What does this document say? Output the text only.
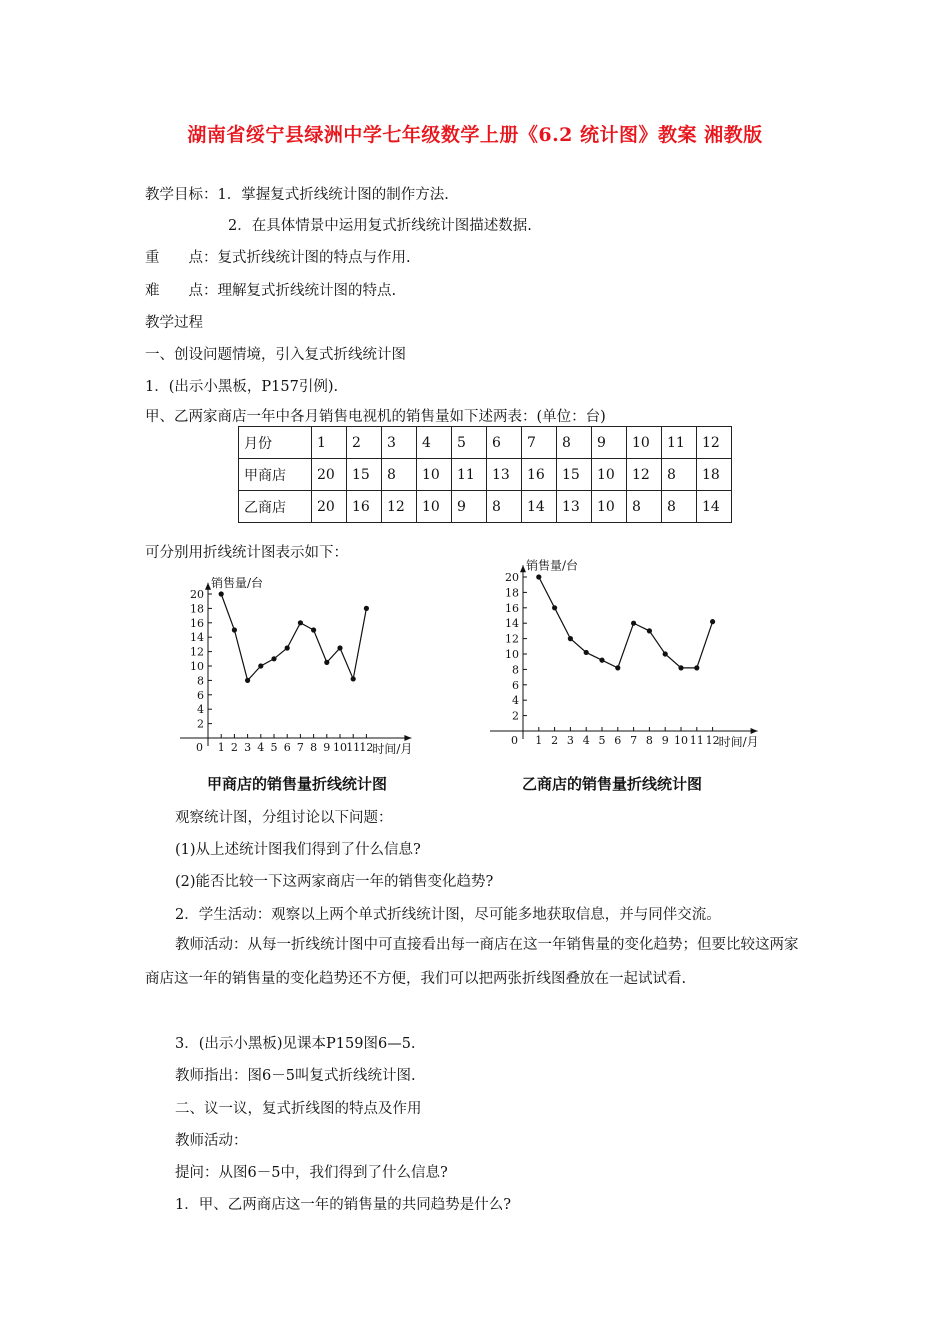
湖南省绥宁县绿洲中学七年级数学上册《6.2 统计图》教案 湘教版
教学目标：1．掌握复式折线统计图的制作方法.
2．在具体情景中运用复式折线统计图描述数据.
重　　点：复式折线统计图的特点与作用.
难　　点：理解复式折线统计图的特点.
教学过程
一、创设问题情境，引入复式折线统计图
1．(出示小黑板，P157引例).
甲、乙两家商店一年中各月销售电视机的销售量如下述两表：(单位：台)
月份	1	2	3	4	5	6	7	8	9	10	11	12
甲商店	20	15	8	10	11	13	16	15	10	12	8	18
乙商店	20	16	12	10	9	8	14	13	10	8	8	14
可分别用折线统计图表示如下：
销售量/台
时间/月
0
2
4
6
8
10
12
14
16
18
20
1 2 3 4 5 6 7 8 9 10 11 12
销售量/台
时间/月
0
2
4
6
8
10
12
14
16
18
20
1 2 3 4 5 6 7 8 9 10 11 12
甲商店的销售量折线统计图	乙商店的销售量折线统计图
观察统计图，分组讨论以下问题：
(1)从上述统计图我们得到了什么信息?
(2)能否比较一下这两家商店一年的销售变化趋势?
2．学生活动：观察以上两个单式折线统计图，尽可能多地获取信息，并与同伴交流。
教师活动：从每一折线统计图中可直接看出每一商店在这一年销售量的变化趋势；但要比较这两家商店这一年的销售量的变化趋势还不方便，我们可以把两张折线图叠放在一起试试看.
3．(出示小黑板)见课本P159图6—5.
教师指出：图6－5叫复式折线统计图.
二、议一议，复式折线图的特点及作用
教师活动：
提问：从图6－5中，我们得到了什么信息?
1．甲、乙两商店这一年的销售量的共同趋势是什么?
